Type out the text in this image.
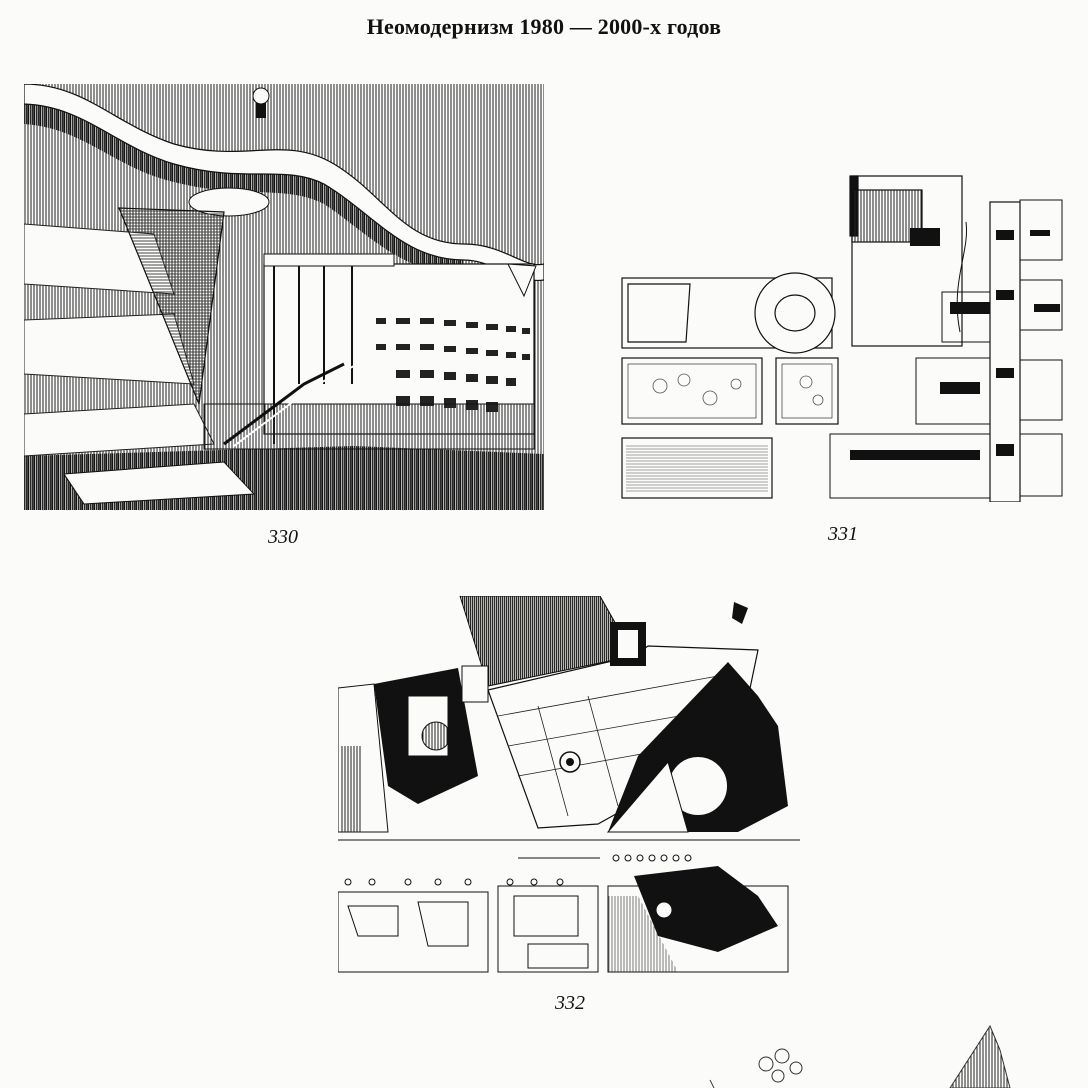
Неомодернизм 1980 — 2000-х годов
330	331
332
